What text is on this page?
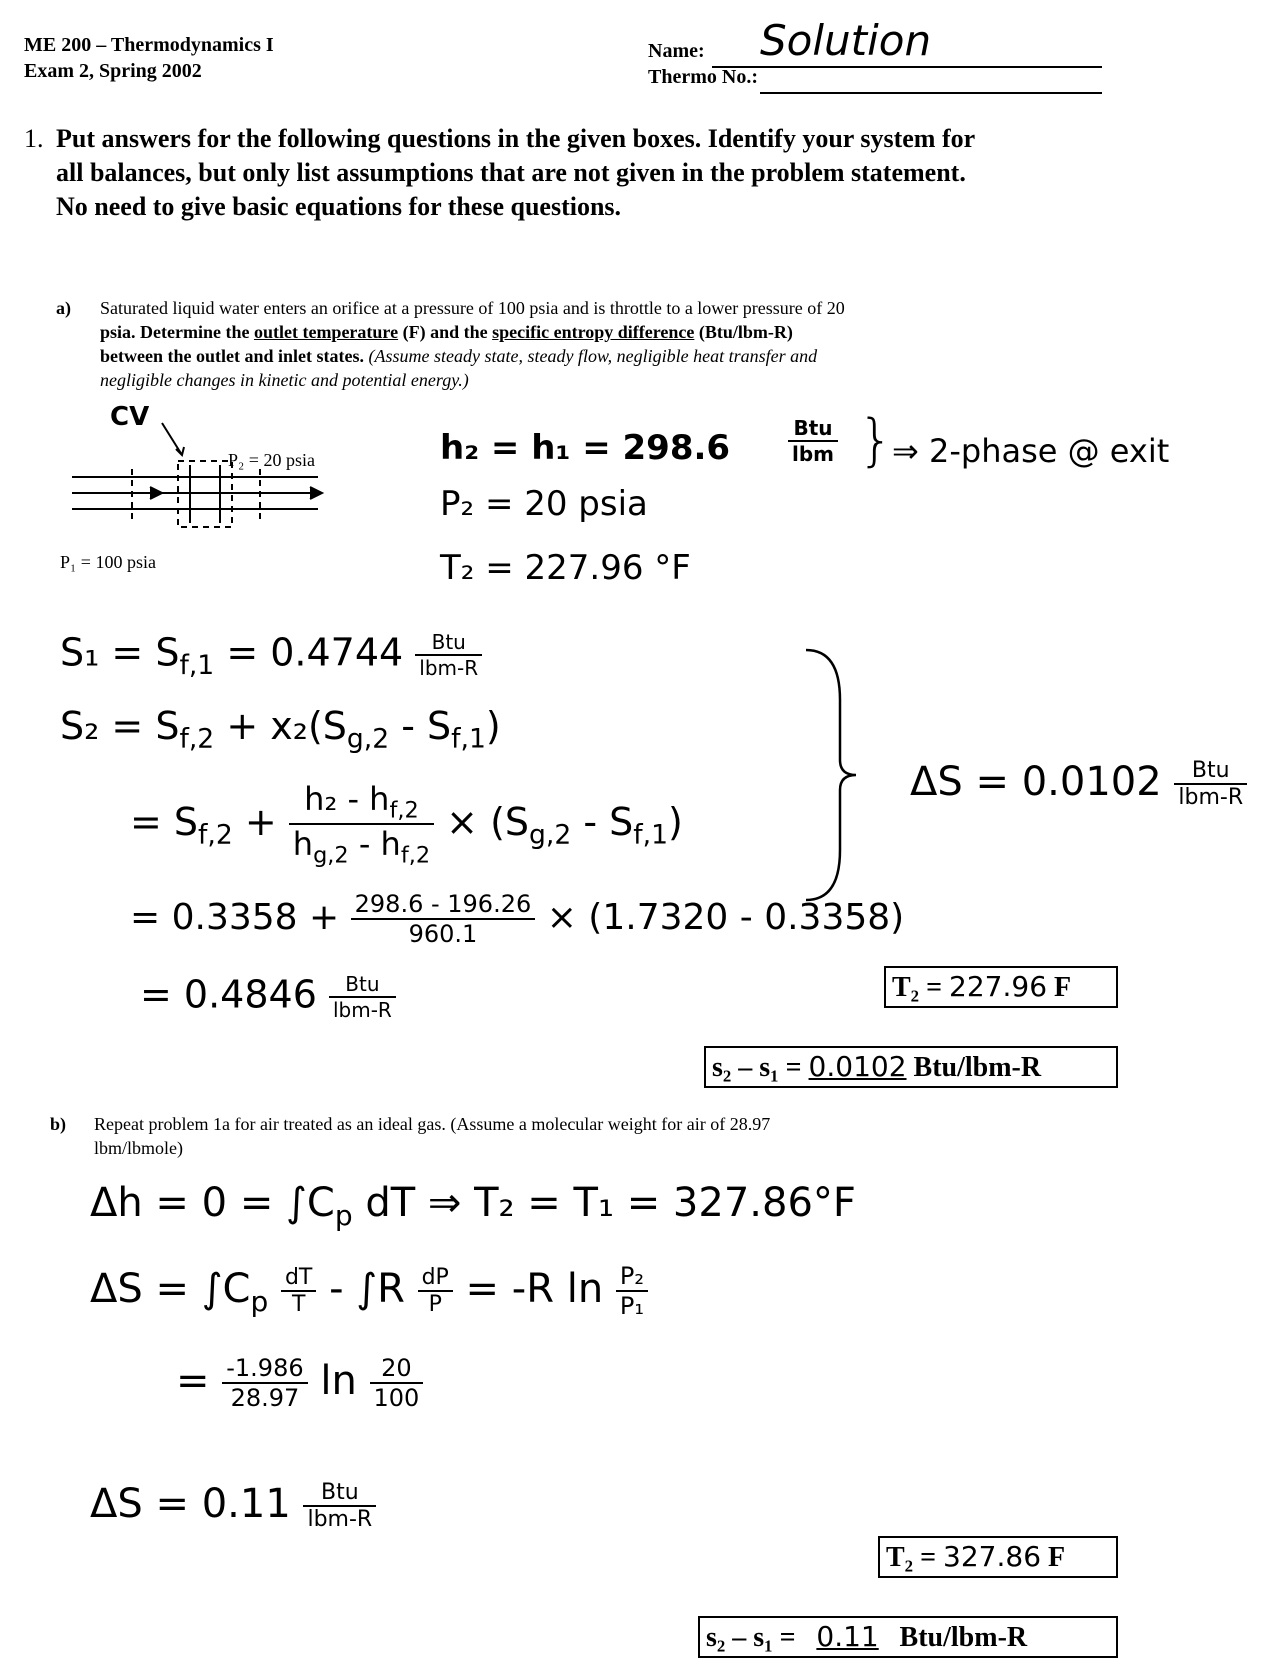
ME 200 – Thermodynamics I
Exam 2, Spring 2002
Name: Solution
Thermo No.:
1. Put answers for the following questions in the given boxes. Identify your system for
all balances, but only list assumptions that are not given in the problem statement.
No need to give basic equations for these questions.
a) Saturated liquid water enters an orifice at a pressure of 100 psia and is throttle to a lower pressure of 20
psia. Determine the outlet temperature (F) and the specific entropy difference (Btu/lbm-R)
between the outlet and inlet states. (Assume steady state, steady flow, negligible heat transfer and
negligible changes in kinetic and potential energy.)
CV
P₂ = 20 psia
P₁ = 100 psia
h₂ = h₁ = 298.6	$\frac{\text{Btu}}{\text{lbm}}$ }
⇒ 2-phase @ exit
P₂ = 20 psia
T₂ = 227.96 °F
$S_1 = S_{f,1} = 0.4744 \frac{\text{Btu}}{\text{lbm-R}}$
$S_2 = S_{f,2} + x_2(S_{g,2} - S_{f,1})$
= $S_{f,2} + \frac{h_2 - h_{f,2}}{h_{g,2} - h_{f,2}} \times (S_{g,2} - S_{f,1})$
= $0.3358 + \frac{298.6 - 196.26}{960.1} \times (1.7320 - 0.3358)$
= $0.4846 \frac{\text{Btu}}{\text{lbm-R}}$
$\Delta S = 0.0102 \frac{\text{Btu}}{\text{lbm-R}}$
T₂ = 227.96 F
s₂ – s₁ = 0.0102 Btu/lbm-R
b) Repeat problem 1a for air treated as an ideal gas. (Assume a molecular weight for air of 28.97
lbm/lbmole)
$\Delta h = 0 = \int C_p$ dT ⇒ T₂ = T₁ = 327.86°F
$\Delta S = \int C_p \frac{dT}{T} - \int R \frac{dP}{P} = -R$ $\ln \frac{\text{P₂}}{\text{P₁}}$
= $\frac{-1.986}{28.97}$ $\ln \frac{20}{100}$
$\Delta S = 0.11 \frac{\text{Btu}}{\text{lbm-R}}$
T₂ = 327.86 F
s₂ – s₁ = 0.11 Btu/lbm-R
